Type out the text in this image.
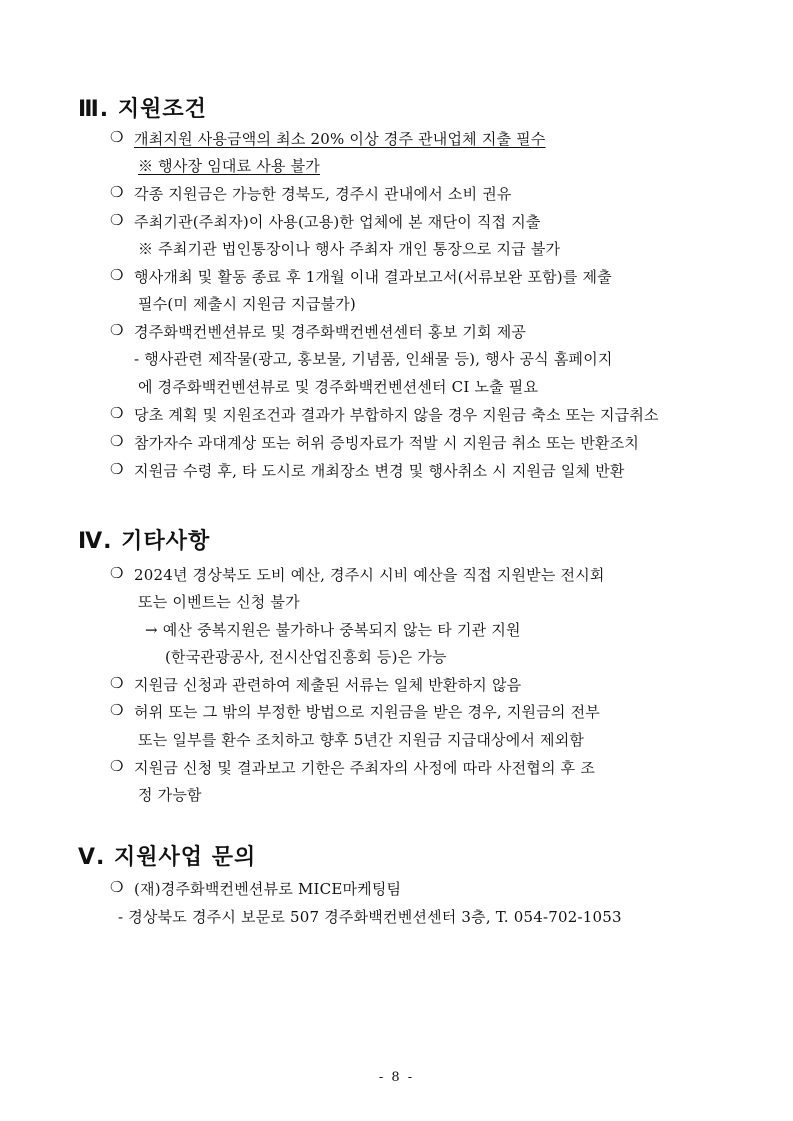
Ⅲ. 지원조건
❍ 개최지원 사용금액의 최소 20% 이상 경주 관내업체 지출 필수
※ 행사장 임대료 사용 불가
❍ 각종 지원금은 가능한 경북도, 경주시 관내에서 소비 권유
❍ 주최기관(주최자)이 사용(고용)한 업체에 본 재단이 직접 지출
※ 주최기관 법인통장이나 행사 주최자 개인 통장으로 지급 불가
❍ 행사개최 및 활동 종료 후 1개월 이내 결과보고서(서류보완 포함)를 제출
필수(미 제출시 지원금 지급불가)
❍ 경주화백컨벤션뷰로 및 경주화백컨벤션센터 홍보 기회 제공
- 행사관련 제작물(광고, 홍보물, 기념품, 인쇄물 등), 행사 공식 홈페이지
에 경주화백컨벤션뷰로 및 경주화백컨벤션센터 CI 노출 필요
❍ 당초 계획 및 지원조건과 결과가 부합하지 않을 경우 지원금 축소 또는 지급취소
❍ 참가자수 과대계상 또는 허위 증빙자료가 적발 시 지원금 취소 또는 반환조치
❍ 지원금 수령 후, 타 도시로 개최장소 변경 및 행사취소 시 지원금 일체 반환
Ⅳ. 기타사항
❍ 2024년 경상북도 도비 예산, 경주시 시비 예산을 직접 지원받는 전시회
또는 이벤트는 신청 불가
→ 예산 중복지원은 불가하나 중복되지 않는 타 기관 지원
(한국관광공사, 전시산업진흥회 등)은 가능
❍ 지원금 신청과 관련하여 제출된 서류는 일체 반환하지 않음
❍ 허위 또는 그 밖의 부정한 방법으로 지원금을 받은 경우, 지원금의 전부
또는 일부를 환수 조치하고 향후 5년간 지원금 지급대상에서 제외함
❍ 지원금 신청 및 결과보고 기한은 주최자의 사정에 따라 사전협의 후 조
정 가능함
Ⅴ. 지원사업 문의
❍ (재)경주화백컨벤션뷰로 MICE마케팅팀
- 경상북도 경주시 보문로 507 경주화백컨벤션센터 3층, T. 054-702-1053
- 8 -
